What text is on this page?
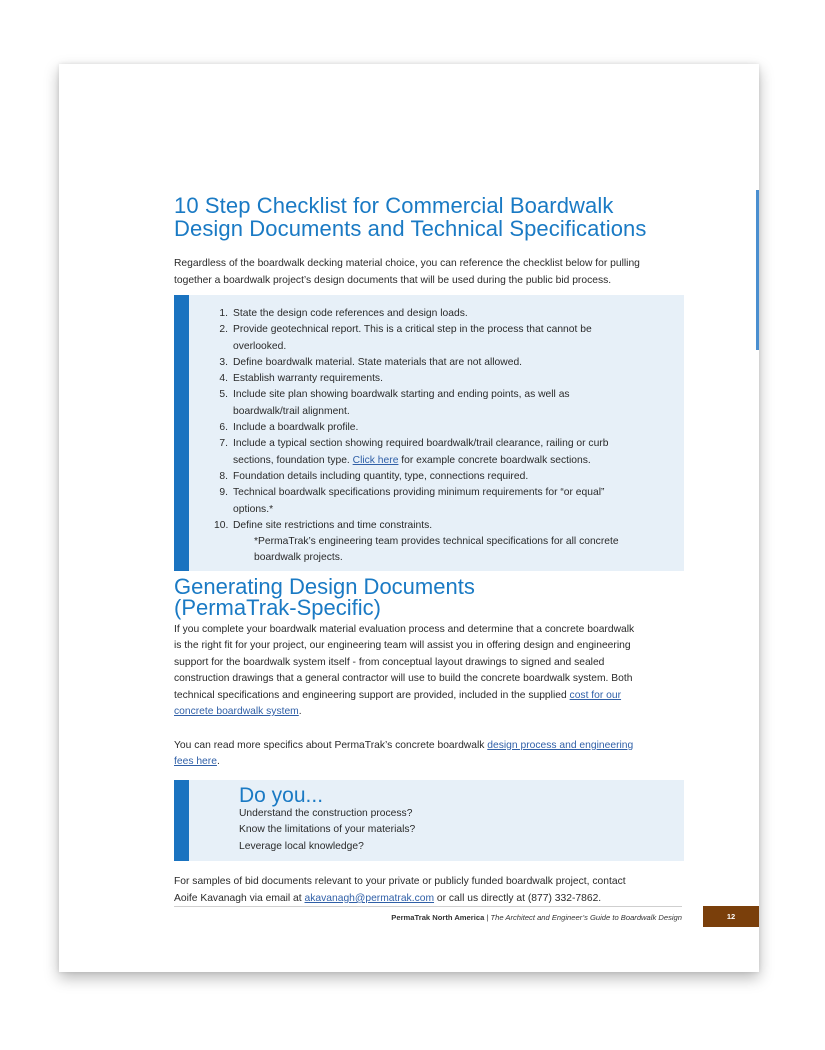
10 Step Checklist for Commercial Boardwalk
Design Documents and Technical Specifications

Regardless of the boardwalk decking material choice, you can reference the checklist below for pulling
together a boardwalk project’s design documents that will be used during the public bid process.

1. State the design code references and design loads.
2. Provide geotechnical report. This is a critical step in the process that cannot be
overlooked.
3. Define boardwalk material. State materials that are not allowed.
4. Establish warranty requirements.
5. Include site plan showing boardwalk starting and ending points, as well as
boardwalk/trail alignment.
6. Include a boardwalk profile.
7. Include a typical section showing required boardwalk/trail clearance, railing or curb
sections, foundation type. Click here for example concrete boardwalk sections.
8. Foundation details including quantity, type, connections required.
9. Technical boardwalk specifications providing minimum requirements for “or equal”
options.*
10. Define site restrictions and time constraints.
*PermaTrak’s engineering team provides technical specifications for all concrete
boardwalk projects.
Generating Design Documents
(PermaTrak-Specific)

If you complete your boardwalk material evaluation process and determine that a concrete boardwalk
is the right fit for your project, our engineering team will assist you in offering design and engineering
support for the boardwalk system itself - from conceptual layout drawings to signed and sealed
construction drawings that a general contractor will use to build the concrete boardwalk system. Both
technical specifications and engineering support are provided, included in the supplied cost for our
concrete boardwalk system.

You can read more specifics about PermaTrak’s concrete boardwalk design process and engineering
fees here.

Do you...
Understand the construction process?
Know the limitations of your materials?
Leverage local knowledge?

For samples of bid documents relevant to your private or publicly funded boardwalk project, contact
Aoife Kavanagh via email at akavanagh@permatrak.com or call us directly at (877) 332-7862.

PermaTrak North America | The Architect and Engineer’s Guide to Boardwalk Design	12
